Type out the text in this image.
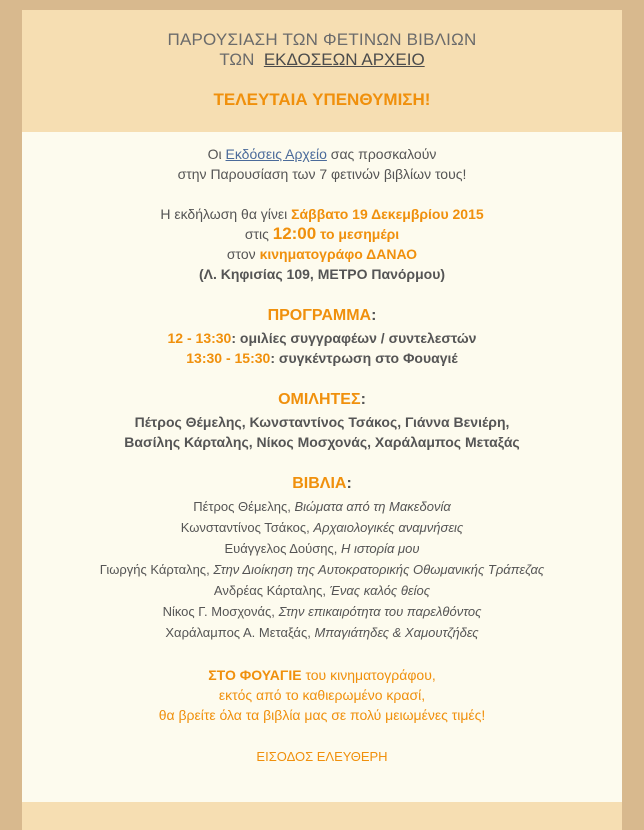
ΠΑΡΟΥΣΙΑΣΗ ΤΩΝ ΦΕΤΙΝΩΝ ΒΙΒΛΙΩΝ
ΤΩΝ ΕΚΔΟΣΕΩΝ ΑΡΧΕΙΟ
ΤΕΛΕΥΤΑΙΑ ΥΠΕΝΘΥΜΙΣΗ!
Οι Εκδόσεις Αρχείο σας προσκαλούν
στην Παρουσίαση των 7 φετινών βιβλίων τους!
Η εκδήλωση θα γίνει Σάββατο 19 Δεκεμβρίου 2015
στις 12:00 το μεσημέρι
στον κινηματογράφο ΔΑΝΑΟ
(Λ. Κηφισίας 109, ΜΕΤΡΟ Πανόρμου)
ΠΡΟΓΡΑΜΜΑ:
12 - 13:30: ομιλίες συγγραφέων / συντελεστών
13:30 - 15:30: συγκέντρωση στο Φουαγιέ
ΟΜΙΛΗΤΕΣ:
Πέτρος Θέμελης, Κωνσταντίνος Τσάκος, Γιάννα Βενιέρη,
Βασίλης Κάρταλης, Νίκος Μοσχονάς, Χαράλαμπος Μεταξάς
ΒΙΒΛΙΑ:
Πέτρος Θέμελης, Βιώματα από τη Μακεδονία
Κωνσταντίνος Τσάκος, Αρχαιολογικές αναμνήσεις
Ευάγγελος Δούσης, Η ιστορία μου
Γιωργής Κάρταλης, Στην Διοίκηση της Αυτοκρατορικής Οθωμανικής Τράπεζας
Ανδρέας Κάρταλης, Ένας καλός θείος
Νίκος Γ. Μοσχονάς, Στην επικαιρότητα του παρελθόντος
Χαράλαμπος Α. Μεταξάς, Μπαγιάτηδες & Χαμουτζήδες
ΣΤΟ ΦΟΥΑΓΙΕ του κινηματογράφου,
εκτός από το καθιερωμένο κρασί,
θα βρείτε όλα τα βιβλία μας σε πολύ μειωμένες τιμές!
ΕΙΣΟΔΟΣ ΕΛΕΥΘΕΡΗ
